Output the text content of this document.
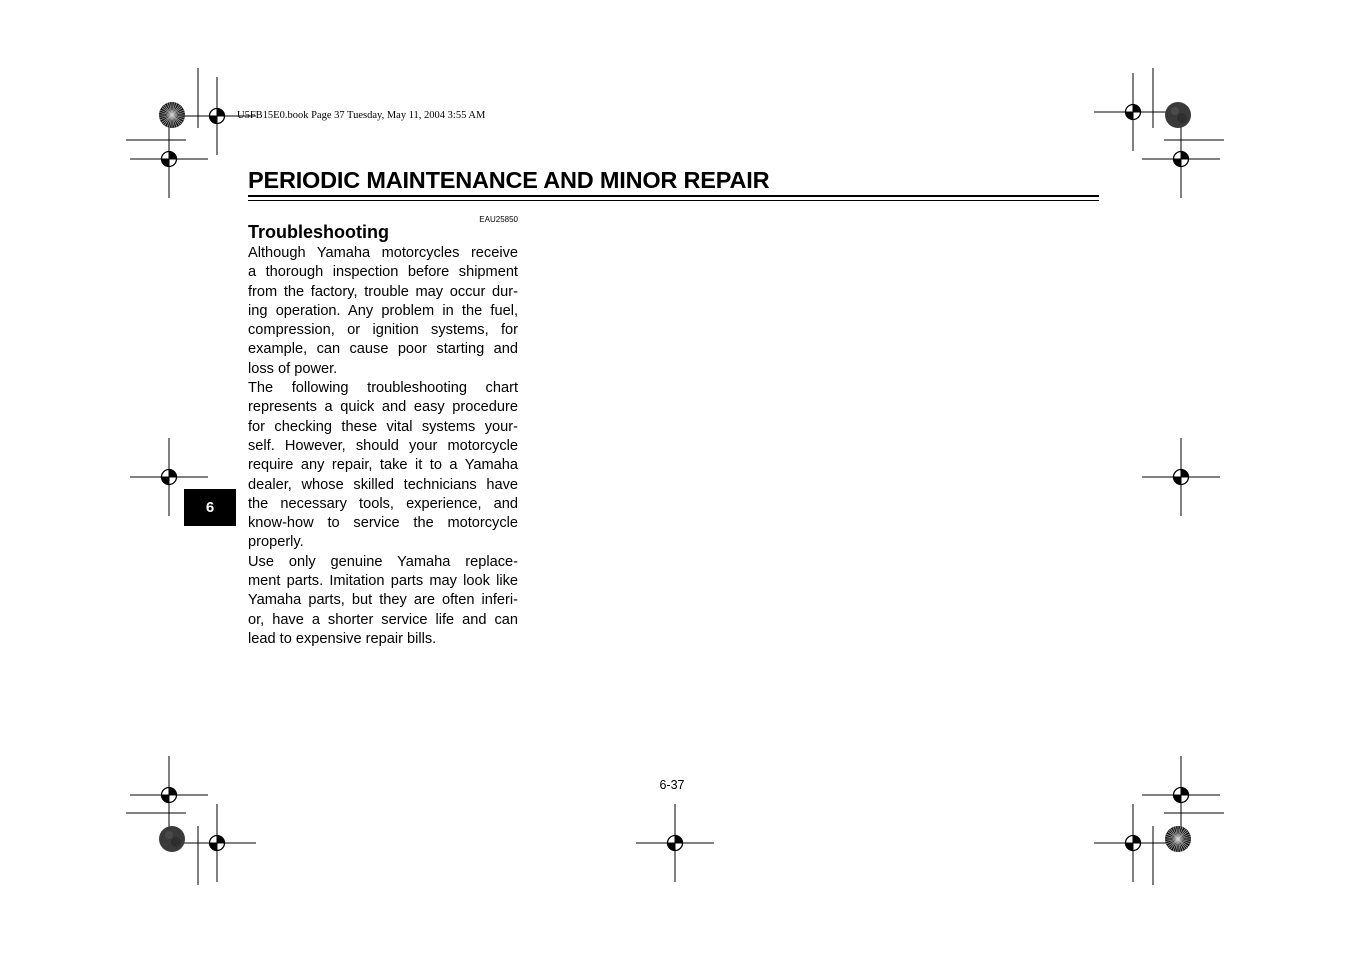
U5FB15E0.book Page 37 Tuesday, May 11, 2004 3:55 AM
PERIODIC MAINTENANCE AND MINOR REPAIR
EAU25850
Troubleshooting

Although Yamaha motorcycles receive
a thorough inspection before shipment
from the factory, trouble may occur dur-
ing operation. Any problem in the fuel,
compression, or ignition systems, for
example, can cause poor starting and
loss of power.

The following troubleshooting chart
represents a quick and easy procedure
for checking these vital systems your-
self. However, should your motorcycle
require any repair, take it to a Yamaha
dealer, whose skilled technicians have
the necessary tools, experience, and
know-how to service the motorcycle
properly.

Use only genuine Yamaha replace-
ment parts. Imitation parts may look like
Yamaha parts, but they are often inferi-
or, have a shorter service life and can
lead to expensive repair bills.

6
6-37
